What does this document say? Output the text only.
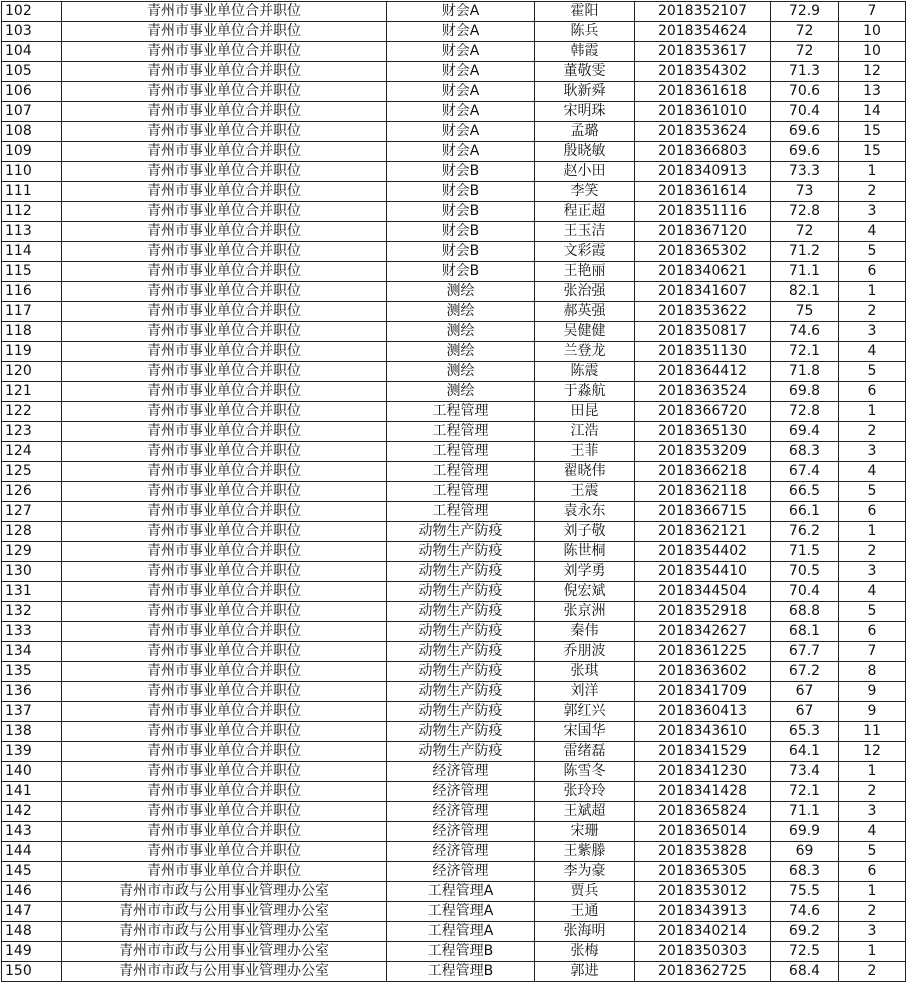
102	青州市事业单位合并职位	财会A	霍阳	2018352107	72.9	7
103	青州市事业单位合并职位	财会A	陈兵	2018354624	72	10
104	青州市事业单位合并职位	财会A	韩霞	2018353617	72	10
105	青州市事业单位合并职位	财会A	董敬雯	2018354302	71.3	12
106	青州市事业单位合并职位	财会A	耿新舜	2018361618	70.6	13
107	青州市事业单位合并职位	财会A	宋明珠	2018361010	70.4	14
108	青州市事业单位合并职位	财会A	孟璐	2018353624	69.6	15
109	青州市事业单位合并职位	财会A	殷晓敏	2018366803	69.6	15
110	青州市事业单位合并职位	财会B	赵小田	2018340913	73.3	1
111	青州市事业单位合并职位	财会B	李笑	2018361614	73	2
112	青州市事业单位合并职位	财会B	程正超	2018351116	72.8	3
113	青州市事业单位合并职位	财会B	王玉洁	2018367120	72	4
114	青州市事业单位合并职位	财会B	文彩霞	2018365302	71.2	5
115	青州市事业单位合并职位	财会B	王艳丽	2018340621	71.1	6
116	青州市事业单位合并职位	测绘	张治强	2018341607	82.1	1
117	青州市事业单位合并职位	测绘	郝英强	2018353622	75	2
118	青州市事业单位合并职位	测绘	吴健健	2018350817	74.6	3
119	青州市事业单位合并职位	测绘	兰登龙	2018351130	72.1	4
120	青州市事业单位合并职位	测绘	陈震	2018364412	71.8	5
121	青州市事业单位合并职位	测绘	于淼航	2018363524	69.8	6
122	青州市事业单位合并职位	工程管理	田昆	2018366720	72.8	1
123	青州市事业单位合并职位	工程管理	江浩	2018365130	69.4	2
124	青州市事业单位合并职位	工程管理	王菲	2018353209	68.3	3
125	青州市事业单位合并职位	工程管理	翟晓伟	2018366218	67.4	4
126	青州市事业单位合并职位	工程管理	王震	2018362118	66.5	5
127	青州市事业单位合并职位	工程管理	袁永东	2018366715	66.1	6
128	青州市事业单位合并职位	动物生产防疫	刘子敬	2018362121	76.2	1
129	青州市事业单位合并职位	动物生产防疫	陈世桐	2018354402	71.5	2
130	青州市事业单位合并职位	动物生产防疫	刘学勇	2018354410	70.5	3
131	青州市事业单位合并职位	动物生产防疫	倪宏斌	2018344504	70.4	4
132	青州市事业单位合并职位	动物生产防疫	张京洲	2018352918	68.8	5
133	青州市事业单位合并职位	动物生产防疫	秦伟	2018342627	68.1	6
134	青州市事业单位合并职位	动物生产防疫	乔朋波	2018361225	67.7	7
135	青州市事业单位合并职位	动物生产防疫	张琪	2018363602	67.2	8
136	青州市事业单位合并职位	动物生产防疫	刘洋	2018341709	67	9
137	青州市事业单位合并职位	动物生产防疫	郭红兴	2018360413	67	9
138	青州市事业单位合并职位	动物生产防疫	宋国华	2018343610	65.3	11
139	青州市事业单位合并职位	动物生产防疫	雷绪磊	2018341529	64.1	12
140	青州市事业单位合并职位	经济管理	陈雪冬	2018341230	73.4	1
141	青州市事业单位合并职位	经济管理	张玲玲	2018341428	72.1	2
142	青州市事业单位合并职位	经济管理	王斌超	2018365824	71.1	3
143	青州市事业单位合并职位	经济管理	宋珊	2018365014	69.9	4
144	青州市事业单位合并职位	经济管理	王紫滕	2018353828	69	5
145	青州市事业单位合并职位	经济管理	李为豪	2018365305	68.3	6
146	青州市市政与公用事业管理办公室	工程管理A	贾兵	2018353012	75.5	1
147	青州市市政与公用事业管理办公室	工程管理A	王通	2018343913	74.6	2
148	青州市市政与公用事业管理办公室	工程管理A	张海明	2018340214	69.2	3
149	青州市市政与公用事业管理办公室	工程管理B	张梅	2018350303	72.5	1
150	青州市市政与公用事业管理办公室	工程管理B	郭进	2018362725	68.4	2
